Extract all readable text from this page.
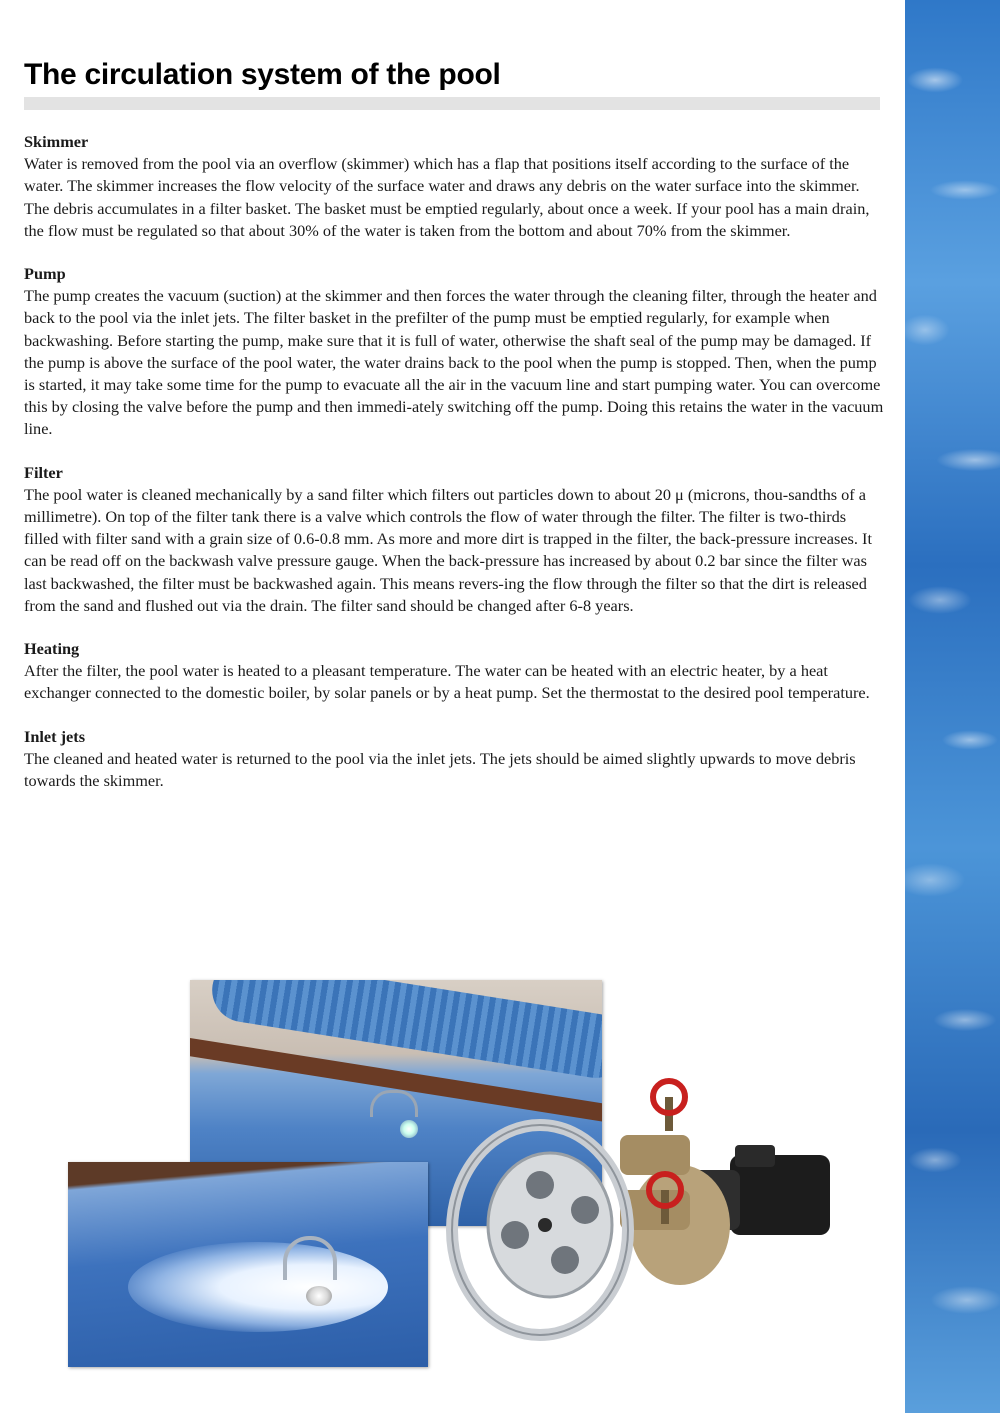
The circulation system of the pool
Skimmer

Water is removed from the pool via an overflow (skimmer) which has a flap that positions itself according to the surface of the water. The skimmer increases the flow velocity of the surface water and draws any debris on the water surface into the skimmer. The debris accumulates in a filter basket. The basket must be emptied regularly, about once a week. If your pool has a main drain, the flow must be regulated so that about 30% of the water is taken from the bottom and about 70% from the skimmer.

Pump

The pump creates the vacuum (suction) at the skimmer and then forces the water through the cleaning filter, through the heater and back to the pool via the inlet jets. The filter basket in the prefilter of the pump must be emptied regularly, for example when backwashing. Before starting the pump, make sure that it is full of water, otherwise the shaft seal of the pump may be damaged. If the pump is above the surface of the pool water, the water drains back to the pool when the pump is stopped. Then, when the pump is started, it may take some time for the pump to evacuate all the air in the vacuum line and start pumping water. You can overcome this by closing the valve before the pump and then immedi-ately switching off the pump. Doing this retains the water in the vacuum line.

Filter

The pool water is cleaned mechanically by a sand filter which filters out particles down to about 20 μ (microns, thou-sandths of a millimetre). On top of the filter tank there is a valve which controls the flow of water through the filter. The filter is two-thirds filled with filter sand with a grain size of 0.6-0.8 mm. As more and more dirt is trapped in the filter, the back-pressure increases. It can be read off on the backwash valve pressure gauge. When the back-pressure has increased by about 0.2 bar since the filter was last backwashed, the filter must be backwashed again. This means revers-ing the flow through the filter so that the dirt is released from the sand and flushed out via the drain. The filter sand should be changed after 6-8 years.

Heating

After the filter, the pool water is heated to a pleasant temperature. The water can be heated with an electric heater, by a heat exchanger connected to the domestic boiler, by solar panels or by a heat pump. Set the thermostat to the desired pool temperature.

Inlet jets

The cleaned and heated water is returned to the pool via the inlet jets. The jets should be aimed slightly upwards to move debris towards the skimmer.
